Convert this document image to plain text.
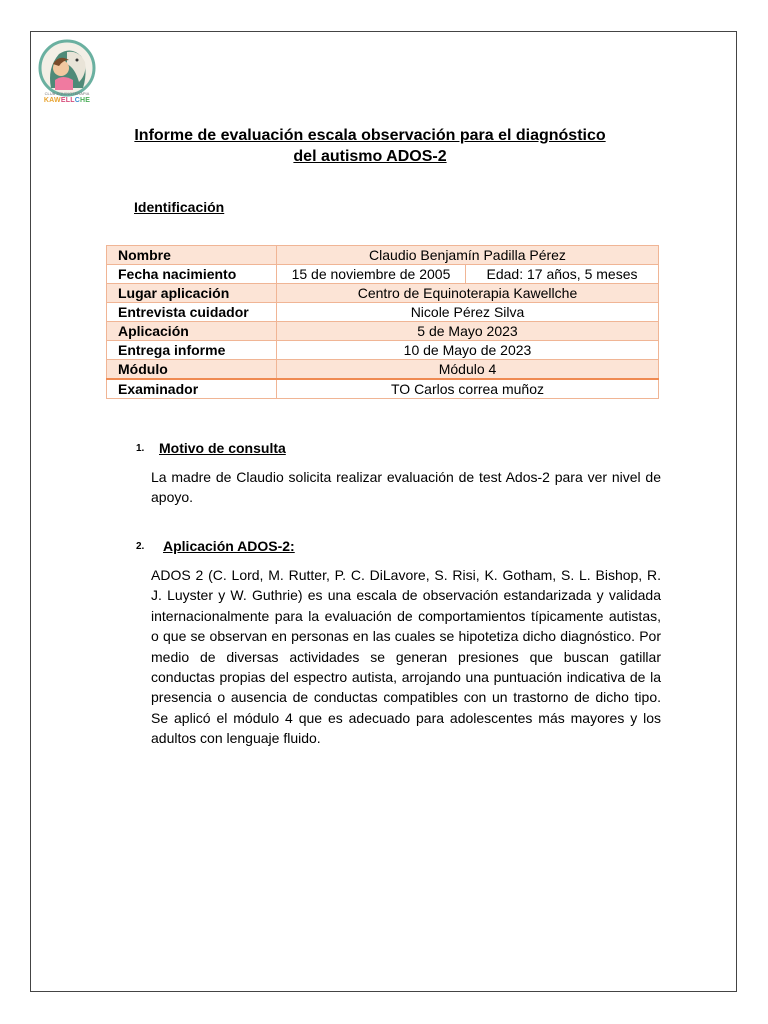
CLUB EQUINOTERAPIA
KAWELLCHE
Informe de evaluación escala observación para el diagnóstico
del autismo ADOS-2
Identificación
Nombre	Claudio Benjamín Padilla Pérez	
Fecha nacimiento	15 de noviembre de 2005	Edad: 17 años, 5 meses
Lugar aplicación	Centro de Equinoterapia Kawellche	
Entrevista cuidador	Nicole Pérez Silva	
Aplicación	5 de Mayo 2023	
Entrega informe	10 de Mayo de 2023	
Módulo	Módulo 4	
Examinador	TO Carlos correa muñoz	
1. Motivo de consulta
La madre de Claudio solicita realizar evaluación de test Ados-2 para ver nivel de apoyo.
2. Aplicación ADOS-2:
ADOS 2 (C. Lord, M. Rutter, P. C. DiLavore, S. Risi, K. Gotham, S. L. Bishop, R. J. Luyster y W. Guthrie) es una escala de observación estandarizada y validada internacionalmente para la evaluación de comportamientos típicamente autistas, o que se observan en personas en las cuales se hipotetiza dicho diagnóstico. Por medio de diversas actividades se generan presiones que buscan gatillar conductas propias del espectro autista, arrojando una puntuación indicativa de la presencia o ausencia de conductas compatibles con un trastorno de dicho tipo. Se aplicó el módulo 4 que es adecuado para adolescentes más mayores y los adultos con lenguaje fluido.
